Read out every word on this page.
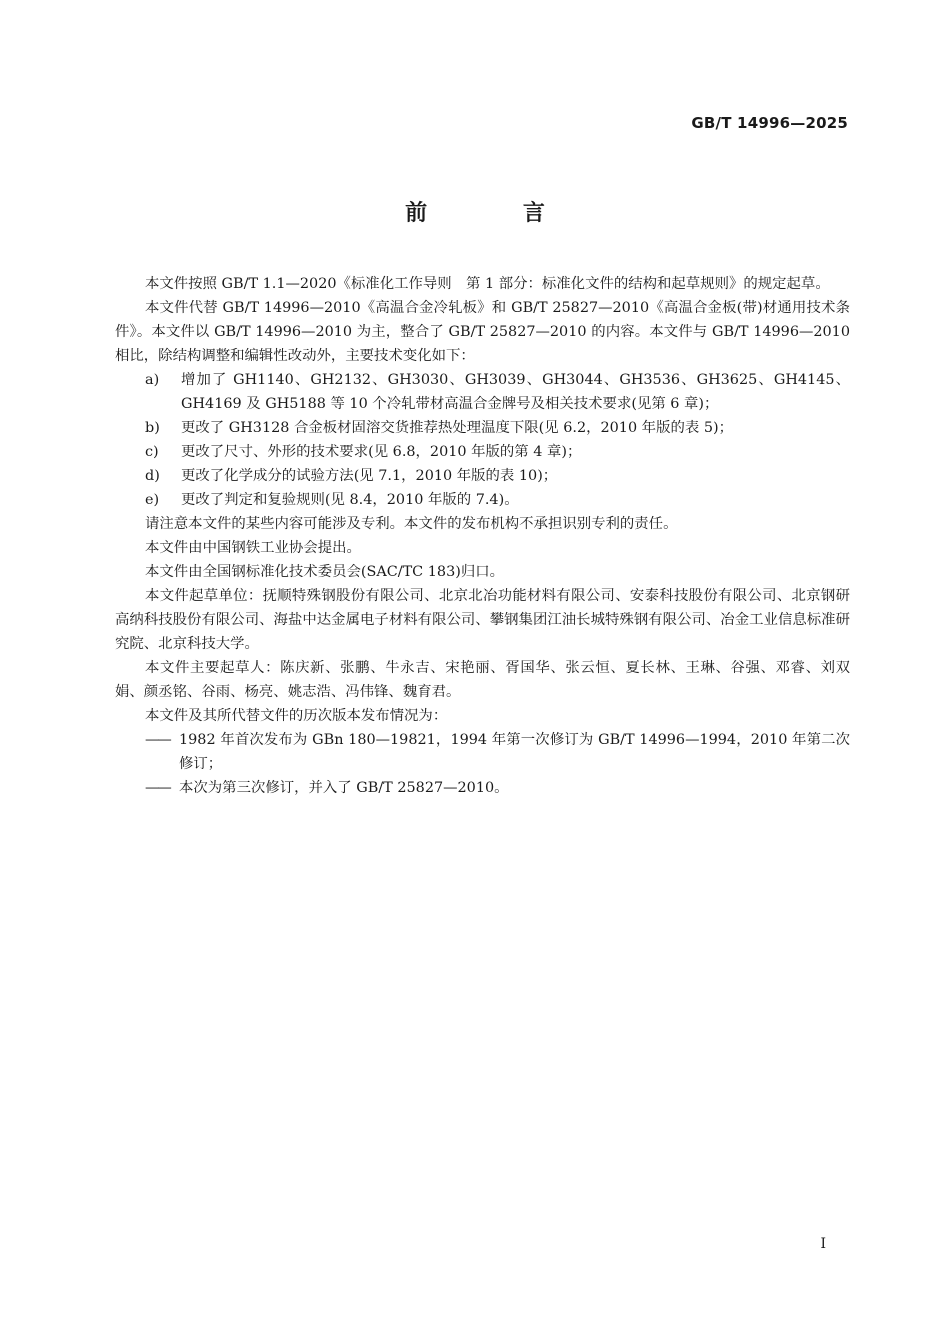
GB/T 14996—2025
前 言

本文件按照 GB/T 1.1—2020《标准化工作导则　第 1 部分：标准化文件的结构和起草规则》的规定起草。

本文件代替 GB/T 14996—2010《高温合金冷轧板》和 GB/T 25827—2010《高温合金板(带)材通用技术条件》。本文件以 GB/T 14996—2010 为主，整合了 GB/T 25827—2010 的内容。本文件与 GB/T 14996—2010 相比，除结构调整和编辑性改动外，主要技术变化如下：

a)	增加了 GH1140、GH2132、GH3030、GH3039、GH3044、GH3536、GH3625、GH4145、GH4169 及 GH5188 等 10 个冷轧带材高温合金牌号及相关技术要求(见第 6 章)；
b)	更改了 GH3128 合金板材固溶交货推荐热处理温度下限(见 6.2，2010 年版的表 5)；
c)	更改了尺寸、外形的技术要求(见 6.8，2010 年版的第 4 章)；
d)	更改了化学成分的试验方法(见 7.1，2010 年版的表 10)；
e)	更改了判定和复验规则(见 8.4，2010 年版的 7.4)。

请注意本文件的某些内容可能涉及专利。本文件的发布机构不承担识别专利的责任。

本文件由中国钢铁工业协会提出。

本文件由全国钢标准化技术委员会(SAC/TC 183)归口。

本文件起草单位：抚顺特殊钢股份有限公司、北京北冶功能材料有限公司、安泰科技股份有限公司、北京钢研高纳科技股份有限公司、海盐中达金属电子材料有限公司、攀钢集团江油长城特殊钢有限公司、冶金工业信息标准研究院、北京科技大学。

本文件主要起草人：陈庆新、张鹏、牛永吉、宋艳丽、胥国华、张云恒、夏长林、王琳、谷强、邓睿、刘双娟、颜丞铭、谷雨、杨亮、姚志浩、冯伟锋、魏育君。

本文件及其所代替文件的历次版本发布情况为：

—— 1982 年首次发布为 GBn 180—19821，1994 年第一次修订为 GB/T 14996—1994，2010 年第二次修订；
—— 本次为第三次修订，并入了 GB/T 25827—2010。
I
